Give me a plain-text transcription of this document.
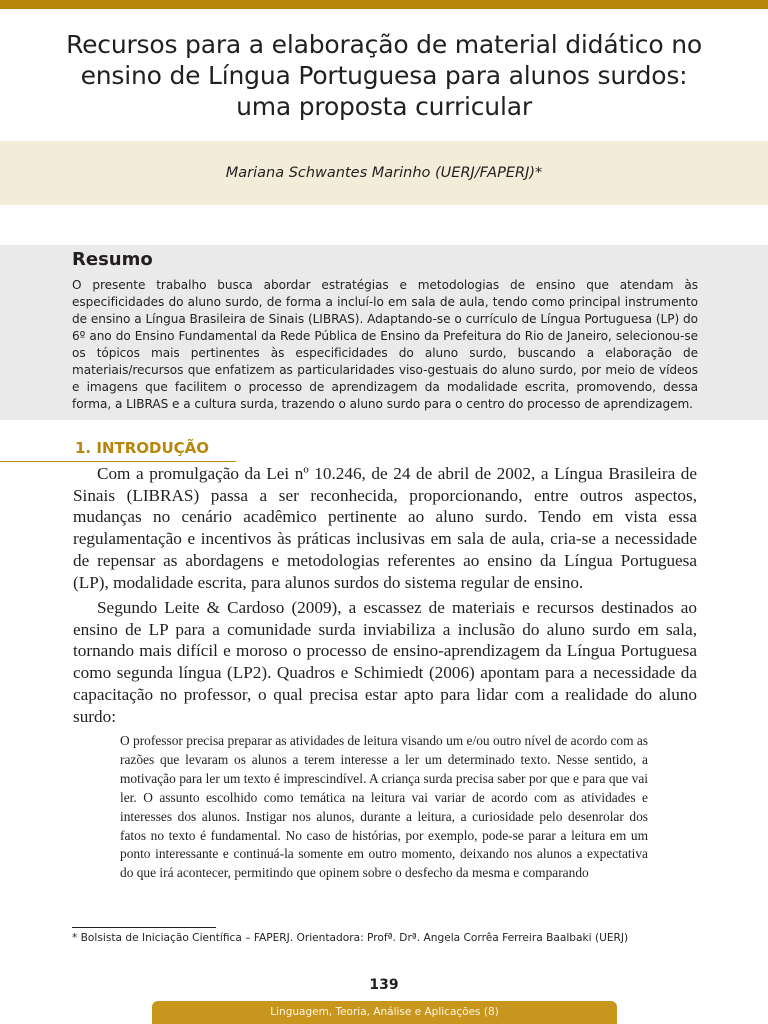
Recursos para a elaboração de material didático no ensino de Língua Portuguesa para alunos surdos: uma proposta curricular
Mariana Schwantes Marinho (UERJ/FAPERJ)*
Resumo

O presente trabalho busca abordar estratégias e metodologias de ensino que atendam às especificidades do aluno surdo, de forma a incluí-lo em sala de aula, tendo como principal instrumento de ensino a Língua Brasileira de Sinais (LIBRAS). Adaptando-se o currículo de Língua Portuguesa (LP) do 6º ano do Ensino Fundamental da Rede Pública de Ensino da Prefeitura do Rio de Janeiro, selecionou-se os tópicos mais pertinentes às especificidades do aluno surdo, buscando a elaboração de materiais/recursos que enfatizem as particularidades viso-gestuais do aluno surdo, por meio de vídeos e imagens que facilitem o processo de aprendizagem da modalidade escrita, promovendo, dessa forma, a LIBRAS e a cultura surda, trazendo o aluno surdo para o centro do processo de aprendizagem.

1. INTRODUÇÃO

Com a promulgação da Lei nº 10.246, de 24 de abril de 2002, a Língua Brasileira de Sinais (LIBRAS) passa a ser reconhecida, proporcionando, entre outros aspectos, mudanças no cenário acadêmico pertinente ao aluno surdo. Tendo em vista essa regulamentação e incentivos às práticas inclusivas em sala de aula, cria-se a necessidade de repensar as abordagens e metodologias referentes ao ensino da Língua Portuguesa (LP), modalidade escrita, para alunos surdos do sistema regular de ensino.

Segundo Leite & Cardoso (2009), a escassez de materiais e recursos destinados ao ensino de LP para a comunidade surda inviabiliza a inclusão do aluno surdo em sala, tornando mais difícil e moroso o processo de ensino-aprendizagem da Língua Portuguesa como segunda língua (LP2). Quadros e Schimiedt (2006) apontam para a necessidade da capacitação no professor, o qual precisa estar apto para lidar com a realidade do aluno surdo:

O professor precisa preparar as atividades de leitura visando um e/ou outro nível de acordo com as razões que levaram os alunos a terem interesse a ler um determinado texto. Nesse sentido, a motivação para ler um texto é imprescindível. A criança surda precisa saber por que e para que vai ler. O assunto escolhido como temática na leitura vai variar de acordo com as atividades e interesses dos alunos. Instigar nos alunos, durante a leitura, a curiosidade pelo desenrolar dos fatos no texto é fundamental. No caso de histórias, por exemplo, pode-se parar a leitura em um ponto interessante e continuá-la somente em outro momento, deixando nos alunos a expectativa do que irá acontecer, permitindo que opinem sobre o desfecho da mesma e comparando

* Bolsista de Iniciação Científica – FAPERJ. Orientadora: Profª. Drª. Angela Corrêa Ferreira Baalbaki (UERJ)

139
Linguagem, Teoria, Análise e Aplicações (8)
